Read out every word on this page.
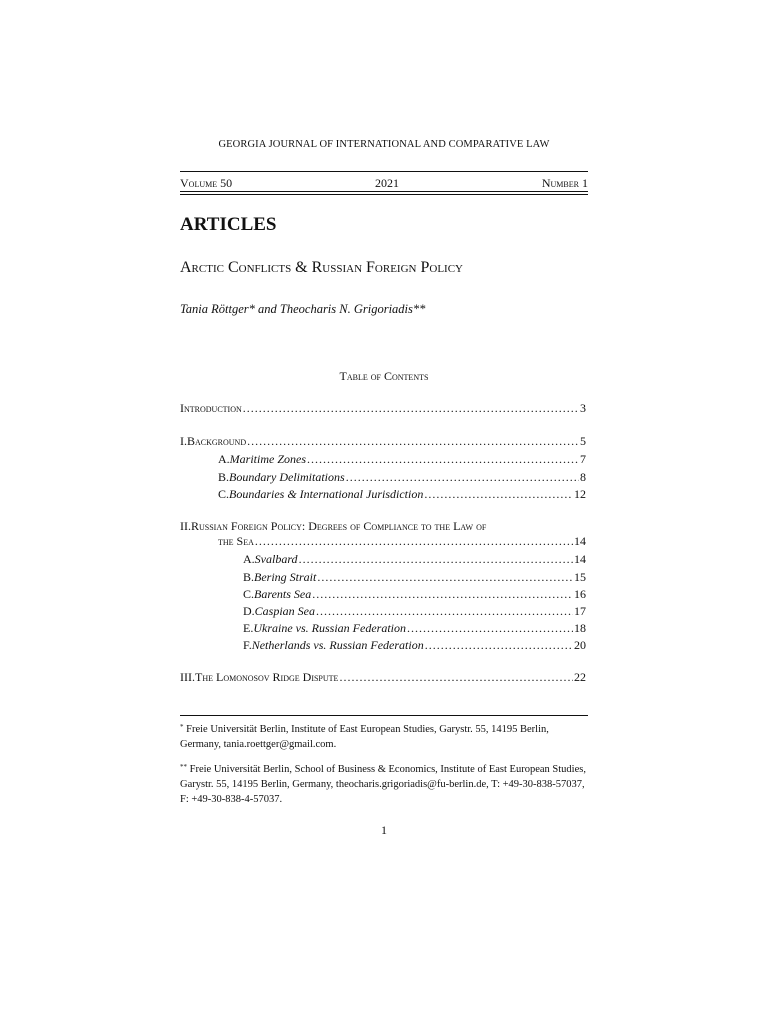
GEORGIA JOURNAL OF INTERNATIONAL AND COMPARATIVE LAW
Volume 50	2021	Number 1
ARTICLES
Arctic Conflicts & Russian Foreign Policy
Tania Röttger* and Theocharis N. Grigoriadis**
Table of Contents
Introduction .....	3
I.Background .....	5
A. Maritime Zones .....	7
B. Boundary Delimitations .....	8
C. Boundaries & International Jurisdiction .....	12
II.Russian Foreign Policy: Degrees of Compliance to the Law of
the Sea .....	14
A. Svalbard .....	14
B. Bering Strait .....	15
C. Barents Sea .....	16
D. Caspian Sea .....	17
E. Ukraine vs. Russian Federation .....	18
F. Netherlands vs. Russian Federation .....	20
III.The Lomonosov Ridge Dispute .....	22
* Freie Universität Berlin, Institute of East European Studies, Garystr. 55, 14195 Berlin, Germany, tania.roettger@gmail.com.
** Freie Universität Berlin, School of Business & Economics, Institute of East European Studies, Garystr. 55, 14195 Berlin, Germany, theocharis.grigoriadis@fu-berlin.de, T: +49-30-838-57037, F: +49-30-838-4-57037.
1
